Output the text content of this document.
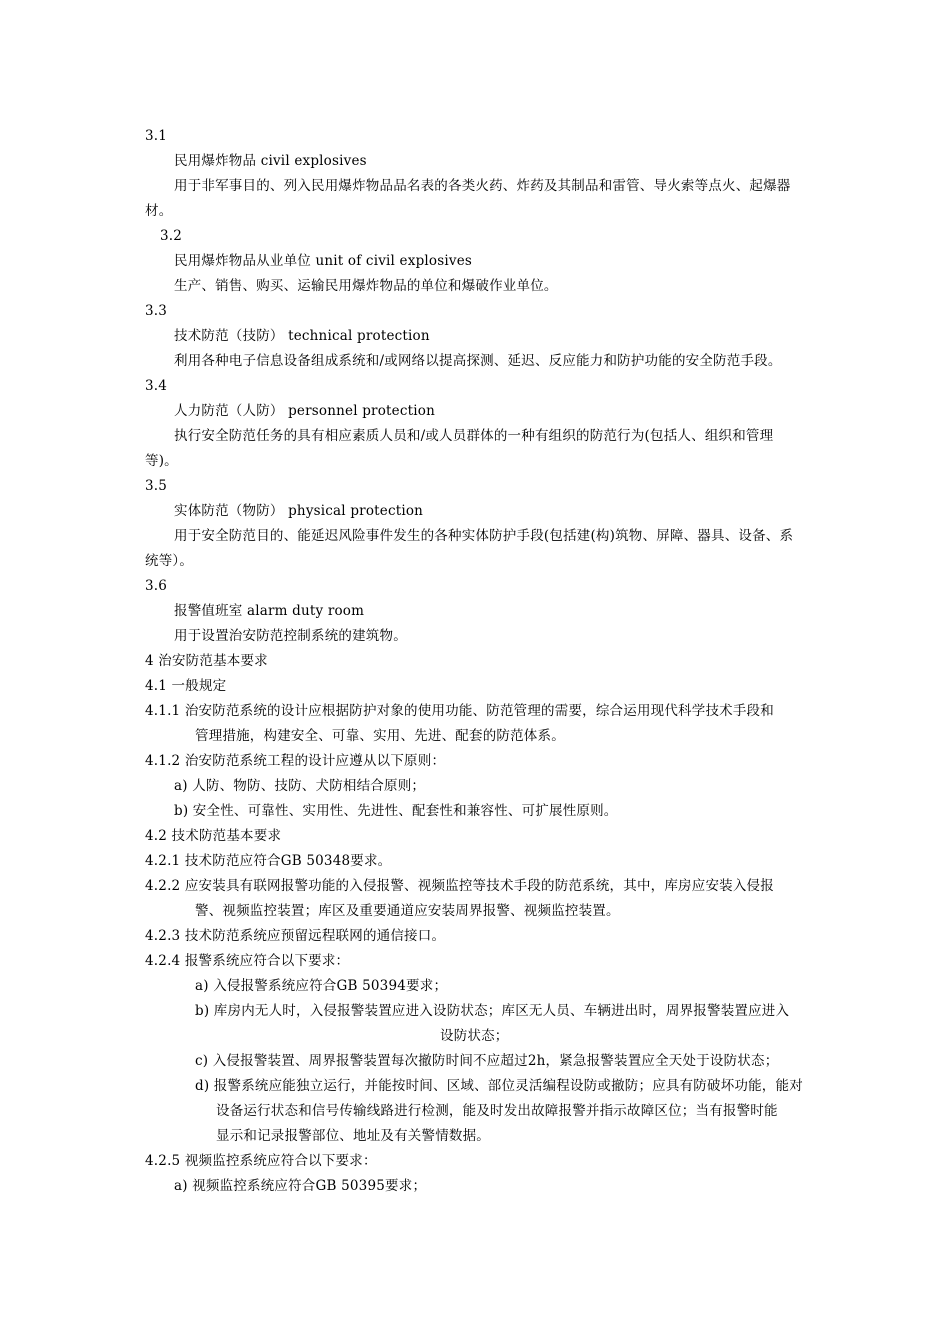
3.1
民用爆炸物品 civil explosives
用于非军事目的、列入民用爆炸物品品名表的各类火药、炸药及其制品和雷管、导火索等点火、起爆器
材。
3.2
民用爆炸物品从业单位 unit of civil explosives
生产、销售、购买、运输民用爆炸物品的单位和爆破作业单位。
3.3
技术防范（技防） technical protection
利用各种电子信息设备组成系统和/或网络以提高探测、延迟、反应能力和防护功能的安全防范手段。
3.4
人力防范（人防） personnel protection
执行安全防范任务的具有相应素质人员和/或人员群体的一种有组织的防范行为(包括人、组织和管理
等)。
3.5
实体防范（物防） physical protection
用于安全防范目的、能延迟风险事件发生的各种实体防护手段(包括建(构)筑物、屏障、器具、设备、系
统等）。
3.6
报警值班室 alarm duty room
用于设置治安防范控制系统的建筑物。
4 治安防范基本要求
4.1 一般规定
4.1.1 治安防范系统的设计应根据防护对象的使用功能、防范管理的需要，综合运用现代科学技术手段和
管理措施，构建安全、可靠、实用、先进、配套的防范体系。
4.1.2 治安防范系统工程的设计应遵从以下原则：
a) 人防、物防、技防、犬防相结合原则；
b) 安全性、可靠性、实用性、先进性、配套性和兼容性、可扩展性原则。
4.2 技术防范基本要求
4.2.1 技术防范应符合GB 50348要求。
4.2.2 应安装具有联网报警功能的入侵报警、视频监控等技术手段的防范系统，其中，库房应安装入侵报
警、视频监控装置；库区及重要通道应安装周界报警、视频监控装置。
4.2.3 技术防范系统应预留远程联网的通信接口。
4.2.4 报警系统应符合以下要求：
a) 入侵报警系统应符合GB 50394要求；
b) 库房内无人时，入侵报警装置应进入设防状态；库区无人员、车辆进出时，周界报警装置应进入
设防状态；
c) 入侵报警装置、周界报警装置每次撤防时间不应超过2h，紧急报警装置应全天处于设防状态；
d) 报警系统应能独立运行，并能按时间、区域、部位灵活编程设防或撤防；应具有防破坏功能，能对
设备运行状态和信号传输线路进行检测，能及时发出故障报警并指示故障区位；当有报警时能
显示和记录报警部位、地址及有关警情数据。
4.2.5 视频监控系统应符合以下要求：
a) 视频监控系统应符合GB 50395要求；
